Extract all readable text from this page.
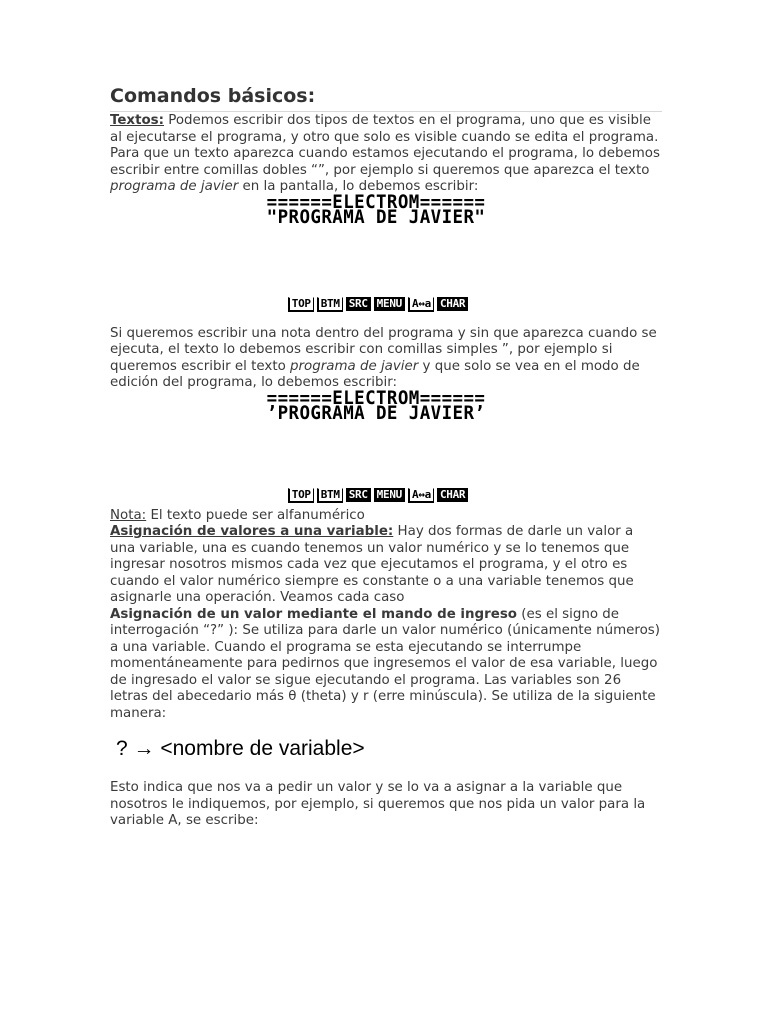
Comandos básicos:

Textos: Podemos escribir dos tipos de textos en el programa, uno que es visible al ejecutarse el programa, y otro que solo es visible cuando se edita el programa.

Para que un texto aparezca cuando estamos ejecutando el programa, lo debemos escribir entre comillas dobles “”, por ejemplo si queremos que aparezca el texto programa de javier en la pantalla, lo debemos escribir:

======ELECTROM======
"PROGRAMA DE JAVIER"
TOP BTM SRC MENU A↔a CHAR

Si queremos escribir una nota dentro del programa y sin que aparezca cuando se ejecuta, el texto lo debemos escribir con comillas simples ”, por ejemplo si queremos escribir el texto programa de javier y que solo se vea en el modo de edición del programa, lo debemos escribir:

======ELECTROM======
’PROGRAMA DE JAVIER’
TOP BTM SRC MENU A↔a CHAR

Nota: El texto puede ser alfanumérico

Asignación de valores a una variable: Hay dos formas de darle un valor a una variable, una es cuando tenemos un valor numérico y se lo tenemos que ingresar nosotros mismos cada vez que ejecutamos el programa, y el otro es cuando el valor numérico siempre es constante o a una variable tenemos que asignarle una operación. Veamos cada caso

Asignación de un valor mediante el mando de ingreso (es el signo de interrogación “?” ): Se utiliza para darle un valor numérico (únicamente números) a una variable. Cuando el programa se esta ejecutando se interrumpe momentáneamente para pedirnos que ingresemos el valor de esa variable, luego de ingresado el valor se sigue ejecutando el programa. Las variables son 26 letras del abecedario más θ (theta) y r (erre minúscula). Se utiliza de la siguiente manera:

? → <nombre de variable>

Esto indica que nos va a pedir un valor y se lo va a asignar a la variable que nosotros le indiquemos, por ejemplo, si queremos que nos pida un valor para la variable A, se escribe:
